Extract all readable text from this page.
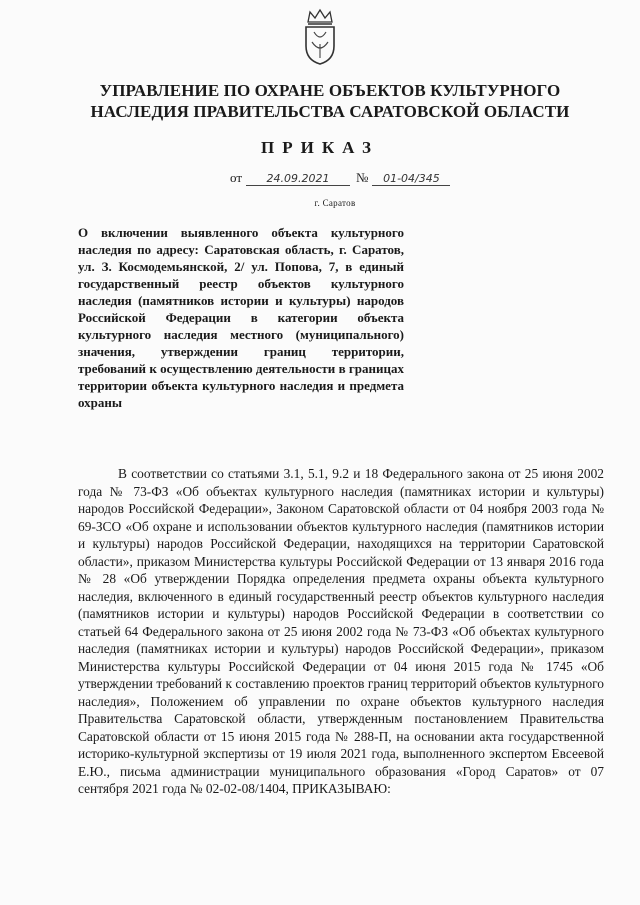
УПРАВЛЕНИЕ ПО ОХРАНЕ ОБЪЕКТОВ КУЛЬТУРНОГО НАСЛЕДИЯ ПРАВИТЕЛЬСТВА САРАТОВСКОЙ ОБЛАСТИ
ПРИКАЗ
от	24.09.2021	№	01-04/345
г. Саратов
О включении выявленного объекта культурного наследия по адресу: Саратовская область, г. Саратов, ул. З. Космодемьянской, 2/ ул. Попова, 7, в единый государственный реестр объектов культурного наследия (памятников истории и культуры) народов Российской Федерации в категории объекта культурного наследия местного (муниципального) значения, утверждении границ территории, требований к осуществлению деятельности в границах территории объекта культурного наследия и предмета охраны
В соответствии со статьями 3.1, 5.1, 9.2 и 18 Федерального закона от 25 июня 2002 года № 73-ФЗ «Об объектах культурного наследия (памятниках истории и культуры) народов Российской Федерации», Законом Саратовской области от 04 ноября 2003 года № 69-ЗСО «Об охране и использовании объектов культурного наследия (памятников истории и культуры) народов Российской Федерации, находящихся на территории Саратовской области», приказом Министерства культуры Российской Федерации от 13 января 2016 года № 28 «Об утверждении Порядка определения предмета охраны объекта культурного наследия, включенного в единый государственный реестр объектов культурного наследия (памятников истории и культуры) народов Российской Федерации в соответствии со статьей 64 Федерального закона от 25 июня 2002 года № 73-ФЗ «Об объектах культурного наследия (памятниках истории и культуры) народов Российской Федерации», приказом Министерства культуры Российской Федерации от 04 июня 2015 года № 1745 «Об утверждении требований к составлению проектов границ территорий объектов культурного наследия», Положением об управлении по охране объектов культурного наследия Правительства Саратовской области, утвержденным постановлением Правительства Саратовской области от 15 июня 2015 года № 288-П, на основании акта государственной историко-культурной экспертизы от 19 июля 2021 года, выполненного экспертом Евсеевой Е.Ю., письма администрации муниципального образования «Город Саратов» от 07 сентября 2021 года № 02-02-08/1404, ПРИКАЗЫВАЮ:
